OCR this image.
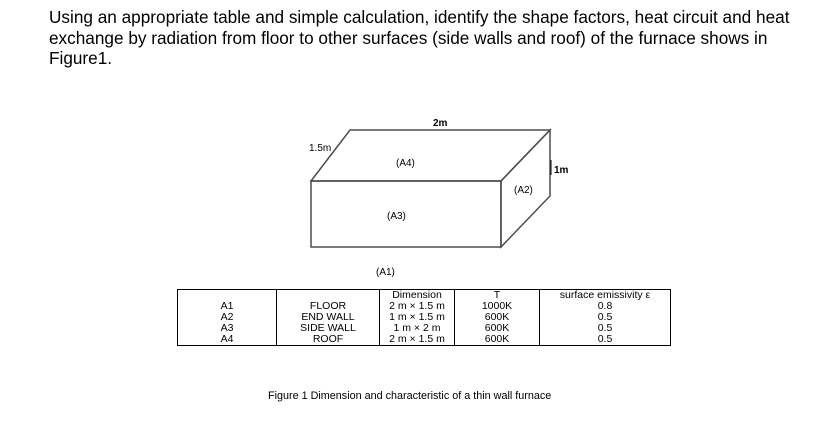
Using an appropriate table and simple calculation, identify the shape factors, heat circuit and heat exchange by radiation from floor to other surfaces (side walls and roof) of the furnace shows in Figure1.

2m
1.5m
1m
(A4)
(A3)
(A2)
(A1)
		Dimension	T	surface emissivity ε
A1	FLOOR	2 m × 1.5 m	1000K	0.8
A2	END WALL	1 m × 1.5 m	600K	0.5
A3	SIDE WALL	1 m × 2 m	600K	0.5
A4	ROOF	2 m × 1.5 m	600K	0.5
Figure 1 Dimension and characteristic of a thin wall furnace
